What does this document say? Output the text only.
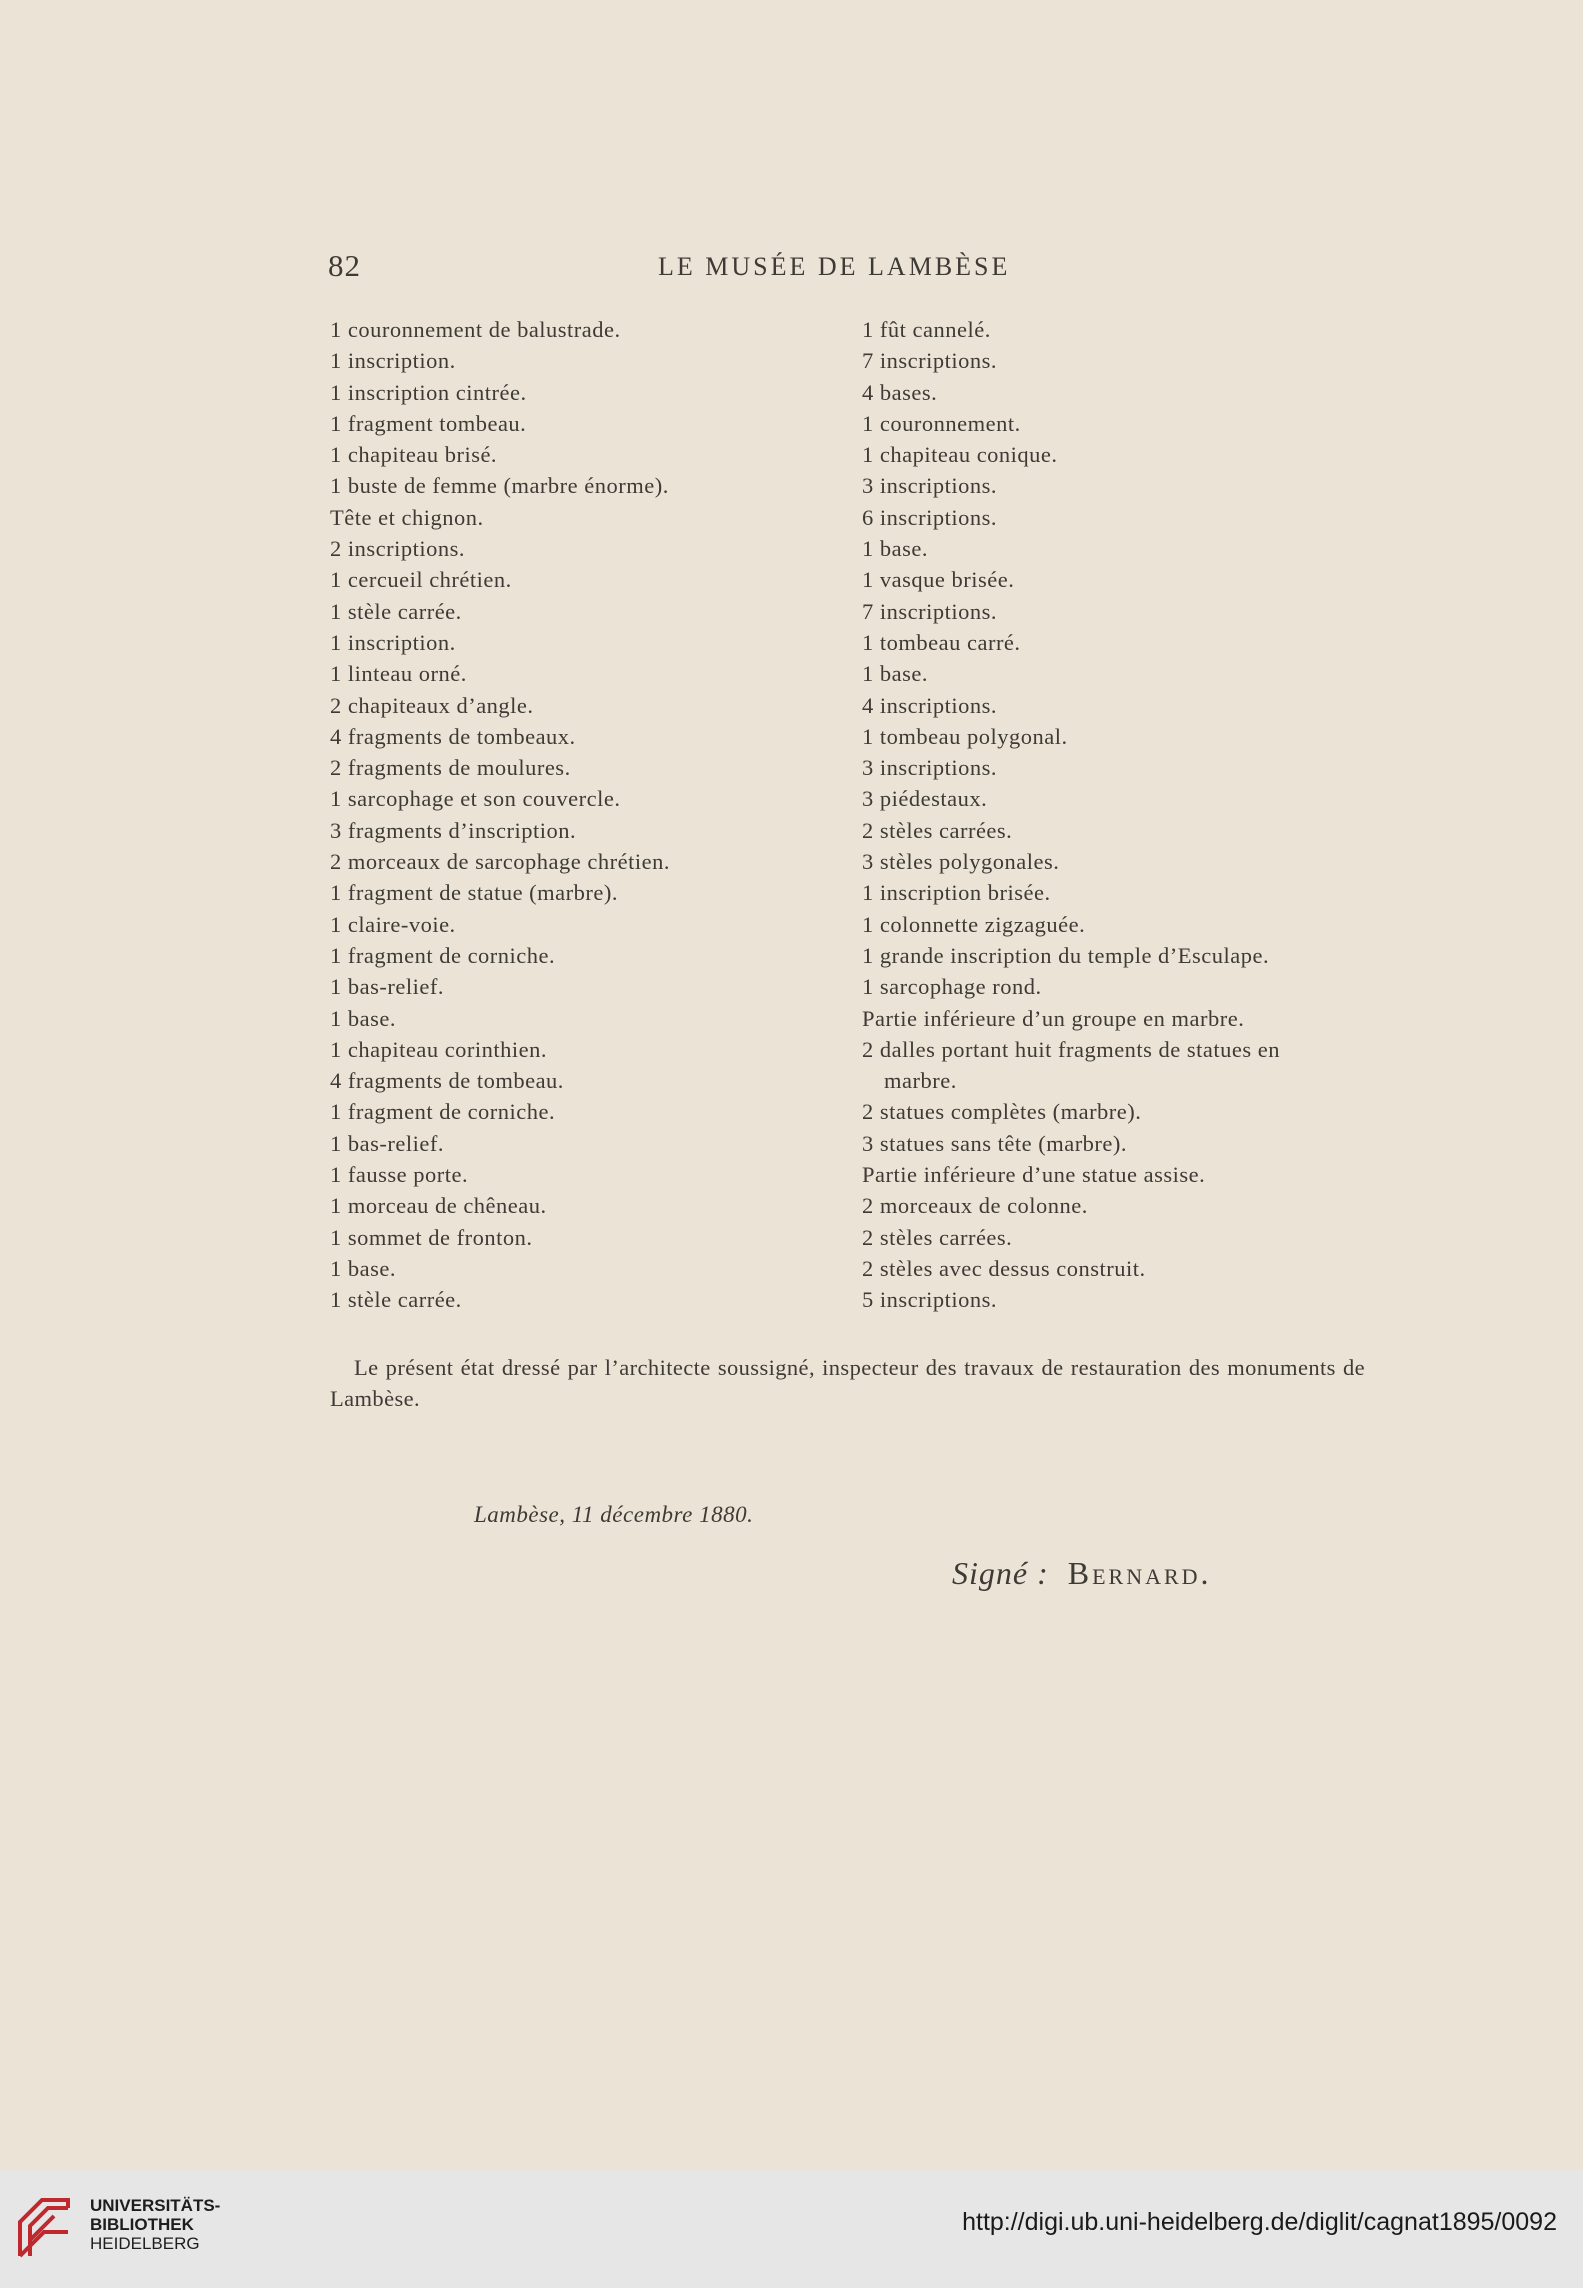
82	LE MUSÉE DE LAMBÈSE
1 couronnement de balustrade.
1 inscription.
1 inscription cintrée.
1 fragment tombeau.
1 chapiteau brisé.
1 buste de femme (marbre énorme).
Tête et chignon.
2 inscriptions.
1 cercueil chrétien.
1 stèle carrée.
1 inscription.
1 linteau orné.
2 chapiteaux d’angle.
4 fragments de tombeaux.
2 fragments de moulures.
1 sarcophage et son couvercle.
3 fragments d’inscription.
2 morceaux de sarcophage chrétien.
1 fragment de statue (marbre).
1 claire-voie.
1 fragment de corniche.
1 bas-relief.
1 base.
1 chapiteau corinthien.
4 fragments de tombeau.
1 fragment de corniche.
1 bas-relief.
1 fausse porte.
1 morceau de chêneau.
1 sommet de fronton.
1 base.
1 stèle carrée.
1 fût cannelé.
7 inscriptions.
4 bases.
1 couronnement.
1 chapiteau conique.
3 inscriptions.
6 inscriptions.
1 base.
1 vasque brisée.
7 inscriptions.
1 tombeau carré.
1 base.
4 inscriptions.
1 tombeau polygonal.
3 inscriptions.
3 piédestaux.
2 stèles carrées.
3 stèles polygonales.
1 inscription brisée.
1 colonnette zigzaguée.
1 grande inscription du temple d’Esculape.
1 sarcophage rond.
Partie inférieure d’un groupe en marbre.
2 dalles portant huit fragments de statues en
marbre.
2 statues complètes (marbre).
3 statues sans tête (marbre).
Partie inférieure d’une statue assise.
2 morceaux de colonne.
2 stèles carrées.
2 stèles avec dessus construit.
5 inscriptions.

Le présent état dressé par l’architecte soussigné, inspecteur des travaux de restauration des monuments de Lambèse.

Lambèse, 11 décembre 1880.
Signé : Bernard.
UNIVERSITÄTS-
BIBLIOTHEK
HEIDELBERG
http://digi.ub.uni-heidelberg.de/diglit/cagnat1895/0092
